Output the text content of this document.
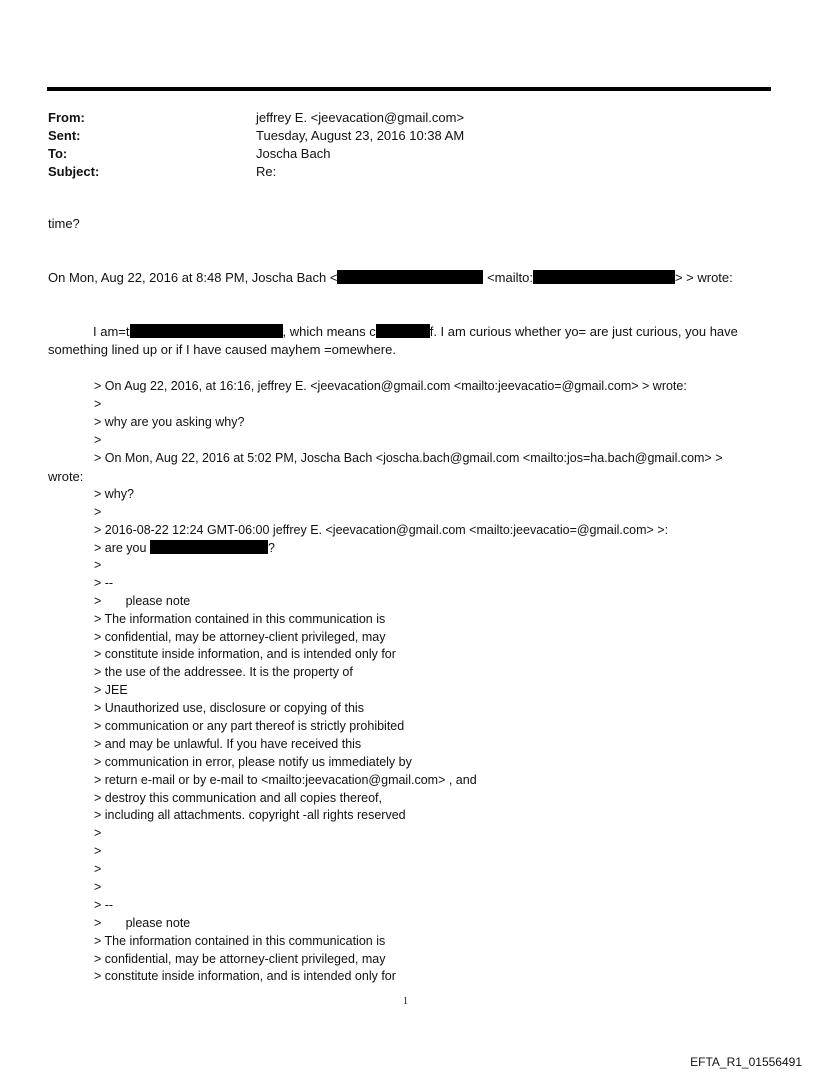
From:	jeffrey E. <jeevacation@gmail.com>
Sent:	Tuesday, August 23, 2016 10:38 AM
To:	Joscha Bach
Subject:	Re:
time?
On Mon, Aug 22, 2016 at 8:48 PM, Joscha Bach <	<mailto:	> > wrote:
I am=t	, which means c	f. I am curious whether yo= are just curious, you have
something lined up or if I have caused mayhem =omewhere.
> On Aug 22, 2016, at 16:16, jeffrey E. <jeevacation@gmail.com <mailto:jeevacatio=@gmail.com> > wrote:
>
> why are you asking why?
>
> On Mon, Aug 22, 2016 at 5:02 PM, Joscha Bach <joscha.bach@gmail.com <mailto:jos=ha.bach@gmail.com> >
wrote:
> why?
>
> 2016-08-22 12:24 GMT-06:00 jeffrey E. <jeevacation@gmail.com <mailto:jeevacatio=@gmail.com> >:
> are you	?
>
> --
>       please note
> The information contained in this communication is
> confidential, may be attorney-client privileged, may
> constitute inside information, and is intended only for
> the use of the addressee. It is the property of
> JEE
> Unauthorized use, disclosure or copying of this
> communication or any part thereof is strictly prohibited
> and may be unlawful. If you have received this
> communication in error, please notify us immediately by
> return e-mail or by e-mail to <mailto:jeevacation@gmail.com> , and
> destroy this communication and all copies thereof,
> including all attachments. copyright -all rights reserved
>
>
>
>
> --
>       please note
> The information contained in this communication is
> confidential, may be attorney-client privileged, may
> constitute inside information, and is intended only for
1
EFTA_R1_01556491
